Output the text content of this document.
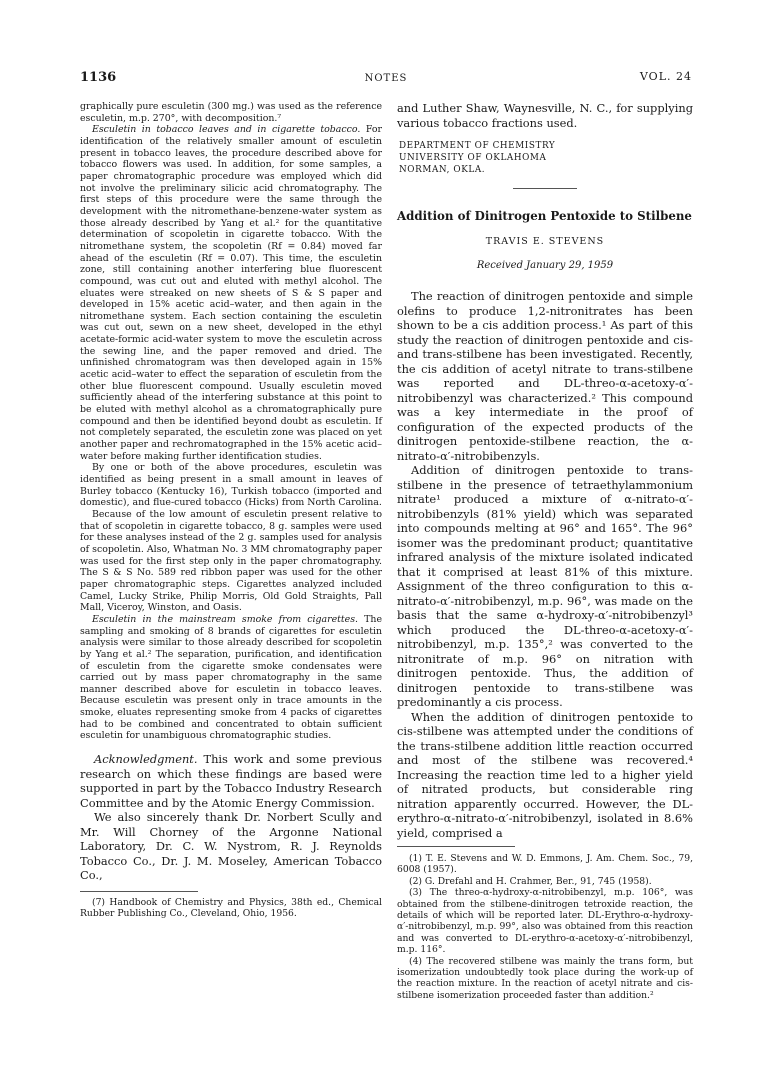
1136	NOTES	VOL. 24

graphically pure esculetin (300 mg.) was used as the reference esculetin, m.p. 270°, with decomposition.⁷

Esculetin in tobacco leaves and in cigarette tobacco. For identification of the relatively smaller amount of esculetin present in tobacco leaves, the procedure described above for tobacco flowers was used. In addition, for some samples, a paper chromatographic procedure was employed which did not involve the preliminary silicic acid chromatography. The first steps of this procedure were the same through the development with the nitromethane-benzene-water system as those already described by Yang et al.² for the quantitative determination of scopoletin in cigarette tobacco. With the nitromethane system, the scopoletin (Rf = 0.84) moved far ahead of the esculetin (Rf = 0.07). This time, the esculetin zone, still containing another interfering blue fluorescent compound, was cut out and eluted with methyl alcohol. The eluates were streaked on new sheets of S & S paper and developed in 15% acetic acid–water, and then again in the nitromethane system. Each section containing the esculetin was cut out, sewn on a new sheet, developed in the ethyl acetate-formic acid-water system to move the esculetin across the sewing line, and the paper removed and dried. The unfinished chromatogram was then developed again in 15% acetic acid–water to effect the separation of esculetin from the other blue fluorescent compound. Usually esculetin moved sufficiently ahead of the interfering substance at this point to be eluted with methyl alcohol as a chromatographically pure compound and then be identified beyond doubt as esculetin. If not completely separated, the esculetin zone was placed on yet another paper and rechromatographed in the 15% acetic acid–water before making further identification studies.

By one or both of the above procedures, esculetin was identified as being present in a small amount in leaves of Burley tobacco (Kentucky 16), Turkish tobacco (imported and domestic), and flue-cured tobacco (Hicks) from North Carolina.

Because of the low amount of esculetin present relative to that of scopoletin in cigarette tobacco, 8 g. samples were used for these analyses instead of the 2 g. samples used for analysis of scopoletin. Also, Whatman No. 3 MM chromatography paper was used for the first step only in the paper chromatography. The S & S No. 589 red ribbon paper was used for the other paper chromatographic steps. Cigarettes analyzed included Camel, Lucky Strike, Philip Morris, Old Gold Straights, Pall Mall, Viceroy, Winston, and Oasis.

Esculetin in the mainstream smoke from cigarettes. The sampling and smoking of 8 brands of cigarettes for esculetin analysis were similar to those already described for scopoletin by Yang et al.² The separation, purification, and identification of esculetin from the cigarette smoke condensates were carried out by mass paper chromatography in the same manner described above for esculetin in tobacco leaves. Because esculetin was present only in trace amounts in the smoke, eluates representing smoke from 4 packs of cigarettes had to be combined and concentrated to obtain sufficient esculetin for unambiguous chromatographic studies.

Acknowledgment. This work and some previous research on which these findings are based were supported in part by the Tobacco Industry Research Committee and by the Atomic Energy Commission.

We also sincerely thank Dr. Norbert Scully and Mr. Will Chorney of the Argonne National Laboratory, Dr. C. W. Nystrom, R. J. Reynolds Tobacco Co., Dr. J. M. Moseley, American Tobacco Co.,

(7) Handbook of Chemistry and Physics, 38th ed., Chemical Rubber Publishing Co., Cleveland, Ohio, 1956.

and Luther Shaw, Waynesville, N. C., for supplying various tobacco fractions used.

DEPARTMENT OF CHEMISTRY
UNIVERSITY OF OKLAHOMA
NORMAN, OKLA.
Addition of Dinitrogen Pentoxide to Stilbene
TRAVIS E. STEVENS
Received January 29, 1959

The reaction of dinitrogen pentoxide and simple olefins to produce 1,2-nitronitrates has been shown to be a cis addition process.¹ As part of this study the reaction of dinitrogen pentoxide and cis- and trans-stilbene has been investigated. Recently, the cis addition of acetyl nitrate to trans-stilbene was reported and DL-threo-α-acetoxy-α′-nitrobibenzyl was characterized.² This compound was a key intermediate in the proof of configuration of the expected products of the dinitrogen pentoxide-stilbene reaction, the α-nitrato-α′-nitrobibenzyls.

Addition of dinitrogen pentoxide to trans-stilbene in the presence of tetraethylammonium nitrate¹ produced a mixture of α-nitrato-α′-nitrobibenzyls (81% yield) which was separated into compounds melting at 96° and 165°. The 96° isomer was the predominant product; quantitative infrared analysis of the mixture isolated indicated that it comprised at least 81% of this mixture. Assignment of the threo configuration to this α-nitrato-α′-nitrobibenzyl, m.p. 96°, was made on the basis that the same α-hydroxy-α′-nitrobibenzyl³ which produced the DL-threo-α-acetoxy-α′-nitrobibenzyl, m.p. 135°,² was converted to the nitronitrate of m.p. 96° on nitration with dinitrogen pentoxide. Thus, the addition of dinitrogen pentoxide to trans-stilbene was predominantly a cis process.

When the addition of dinitrogen pentoxide to cis-stilbene was attempted under the conditions of the trans-stilbene addition little reaction occurred and most of the stilbene was recovered.⁴ Increasing the reaction time led to a higher yield of nitrated products, but considerable ring nitration apparently occurred. However, the DL-erythro-α-nitrato-α′-nitrobibenzyl, isolated in 8.6% yield, comprised a

(1) T. E. Stevens and W. D. Emmons, J. Am. Chem. Soc., 79, 6008 (1957).

(2) G. Drefahl and H. Crahmer, Ber., 91, 745 (1958).

(3) The threo-α-hydroxy-α-nitrobibenzyl, m.p. 106°, was obtained from the stilbene-dinitrogen tetroxide reaction, the details of which will be reported later. DL-Erythro-α-hydroxy-α′-nitrobibenzyl, m.p. 99°, also was obtained from this reaction and was converted to DL-erythro-α-acetoxy-α′-nitrobibenzyl, m.p. 116°.

(4) The recovered stilbene was mainly the trans form, but isomerization undoubtedly took place during the work-up of the reaction mixture. In the reaction of acetyl nitrate and cis-stilbene isomerization proceeded faster than addition.²
